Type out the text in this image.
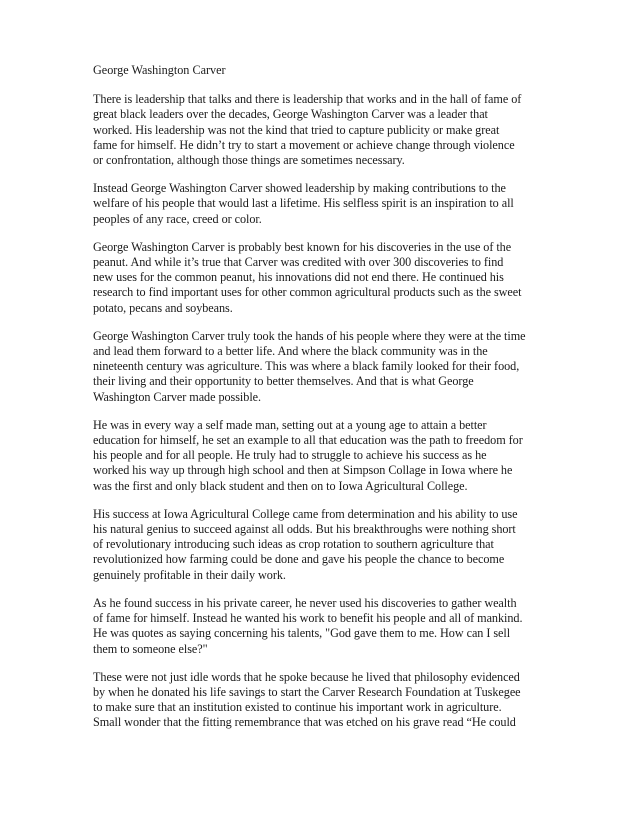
George Washington Carver

There is leadership that talks and there is leadership that works and in the hall of fame of
great black leaders over the decades, George Washington Carver was a leader that
worked. His leadership was not the kind that tried to capture publicity or make great
fame for himself. He didn’t try to start a movement or achieve change through violence
or confrontation, although those things are sometimes necessary.

Instead George Washington Carver showed leadership by making contributions to the
welfare of his people that would last a lifetime. His selfless spirit is an inspiration to all
peoples of any race, creed or color.

George Washington Carver is probably best known for his discoveries in the use of the
peanut. And while it’s true that Carver was credited with over 300 discoveries to find
new uses for the common peanut, his innovations did not end there. He continued his
research to find important uses for other common agricultural products such as the sweet
potato, pecans and soybeans.

George Washington Carver truly took the hands of his people where they were at the time
and lead them forward to a better life. And where the black community was in the
nineteenth century was agriculture. This was where a black family looked for their food,
their living and their opportunity to better themselves. And that is what George
Washington Carver made possible.

He was in every way a self made man, setting out at a young age to attain a better
education for himself, he set an example to all that education was the path to freedom for
his people and for all people. He truly had to struggle to achieve his success as he
worked his way up through high school and then at Simpson Collage in Iowa where he
was the first and only black student and then on to Iowa Agricultural College.

His success at Iowa Agricultural College came from determination and his ability to use
his natural genius to succeed against all odds. But his breakthroughs were nothing short
of revolutionary introducing such ideas as crop rotation to southern agriculture that
revolutionized how farming could be done and gave his people the chance to become
genuinely profitable in their daily work.

As he found success in his private career, he never used his discoveries to gather wealth
of fame for himself. Instead he wanted his work to benefit his people and all of mankind.
He was quotes as saying concerning his talents, "God gave them to me. How can I sell
them to someone else?"

These were not just idle words that he spoke because he lived that philosophy evidenced
by when he donated his life savings to start the Carver Research Foundation at Tuskegee
to make sure that an institution existed to continue his important work in agriculture.
Small wonder that the fitting remembrance that was etched on his grave read “He could
